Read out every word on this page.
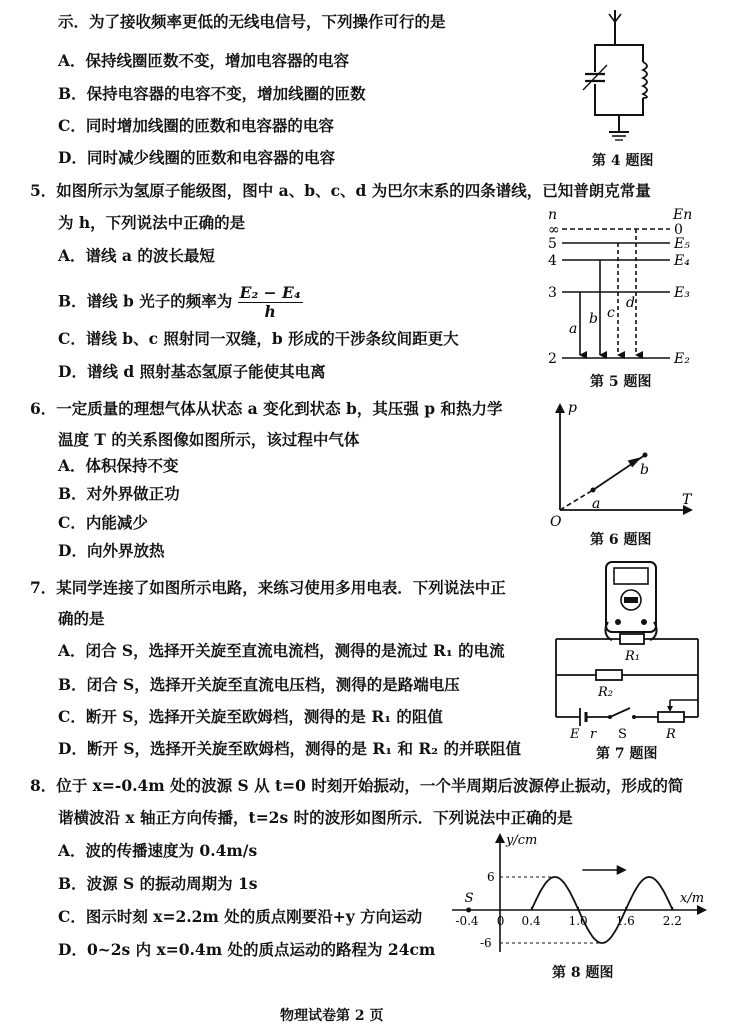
示．为了接收频率更低的无线电信号，下列操作可行的是
A．保持线圈匝数不变，增加电容器的电容
B．保持电容器的电容不变，增加线圈的匝数
C．同时增加线圈的匝数和电容器的电容
D．同时减少线圈的匝数和电容器的电容	第 4 题图
5．如图所示为氢原子能级图，图中 a、b、c、d 为巴尔末系的四条谱线，已知普朗克常量
为 h，下列说法中正确的是
A．谱线 a 的波长最短
B．谱线 b 光子的频率为 $\frac{\text{E₂ − E₄}}{h}$
C．谱线 b、c 照射同一双缝，b 形成的干涉条纹间距更大
D．谱线 d 照射基态氢原子能使其电离
n	En
∞
5
4
3
2
0
E₅
E₄
E₃
E₂
a
b c
d
第 5 题图
6．一定质量的理想气体从状态 a 变化到状态 b，其压强 p 和热力学
温度 T 的关系图像如图所示，该过程中气体
A．体积保持不变
B．对外界做正功
C．内能减少
D．向外界放热
p
T
O
a
b
第 6 题图
7．某同学连接了如图所示电路，来练习使用多用电表．下列说法中正
确的是
A．闭合 S，选择开关旋至直流电流档，测得的是流过 R₁ 的电流
B．闭合 S，选择开关旋至直流电压档，测得的是路端电压
C．断开 S，选择开关旋至欧姆档，测得的是 R₁ 的阻值
D．断开 S，选择开关旋至欧姆档，测得的是 R₁ 和 R₂ 的并联阻值
R₁
R₂
E r S	R
第 7 题图
8．位于 x=-0.4m 处的波源 S 从 t=0 时刻开始振动，一个半周期后波源停止振动，形成的简
谐横波沿 x 轴正方向传播，t=2s 时的波形如图所示．下列说法中正确的是
A．波的传播速度为 0.4m/s
B．波源 S 的振动周期为 1s
C．图示时刻 x=2.2m 处的质点刚要沿+y 方向运动
D．0~2s 内 x=0.4m 处的质点运动的路程为 24cm
x/m
y/cm
S
-0.4 0 0.4 1.0 1.6 2.2
6
-6
第 8 题图
物理试卷第 2 页
